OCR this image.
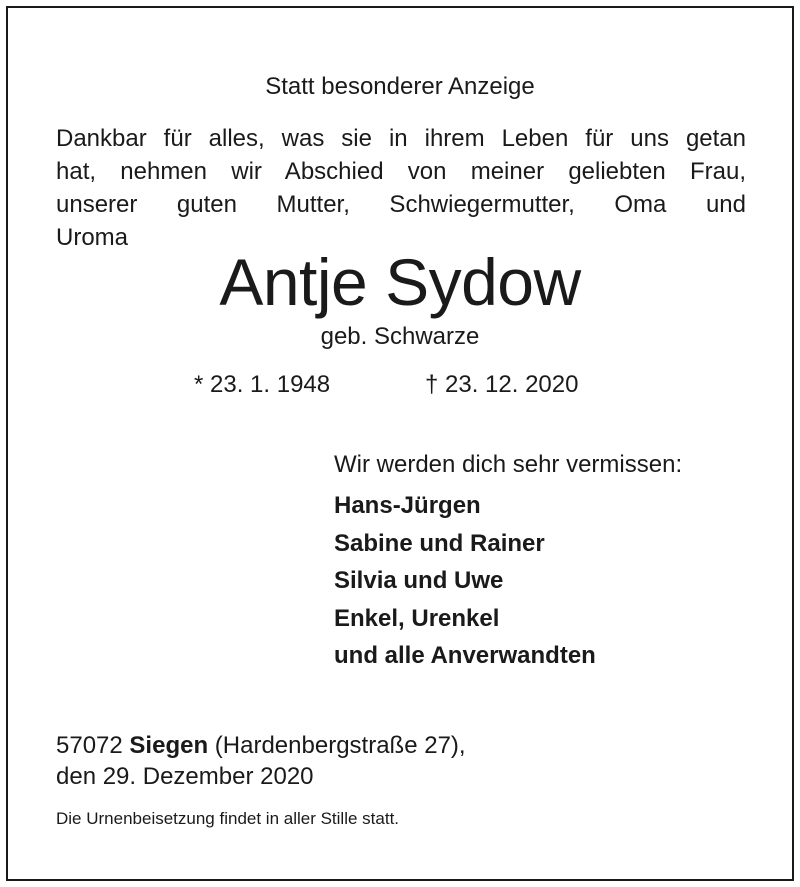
Statt besonderer Anzeige
Dankbar für alles, was sie in ihrem Leben für uns getan
hat, nehmen wir Abschied von meiner geliebten Frau,
unserer guten Mutter, Schwiegermutter, Oma und
Uroma
Antje Sydow
geb. Schwarze
* 23. 1. 1948	† 23. 12. 2020
Wir werden dich sehr vermissen:
Hans-Jürgen
Sabine und Rainer
Silvia und Uwe
Enkel, Urenkel
und alle Anverwandten
57072 Siegen (Hardenbergstraße 27),
den 29. Dezember 2020
Die Urnenbeisetzung findet in aller Stille statt.
